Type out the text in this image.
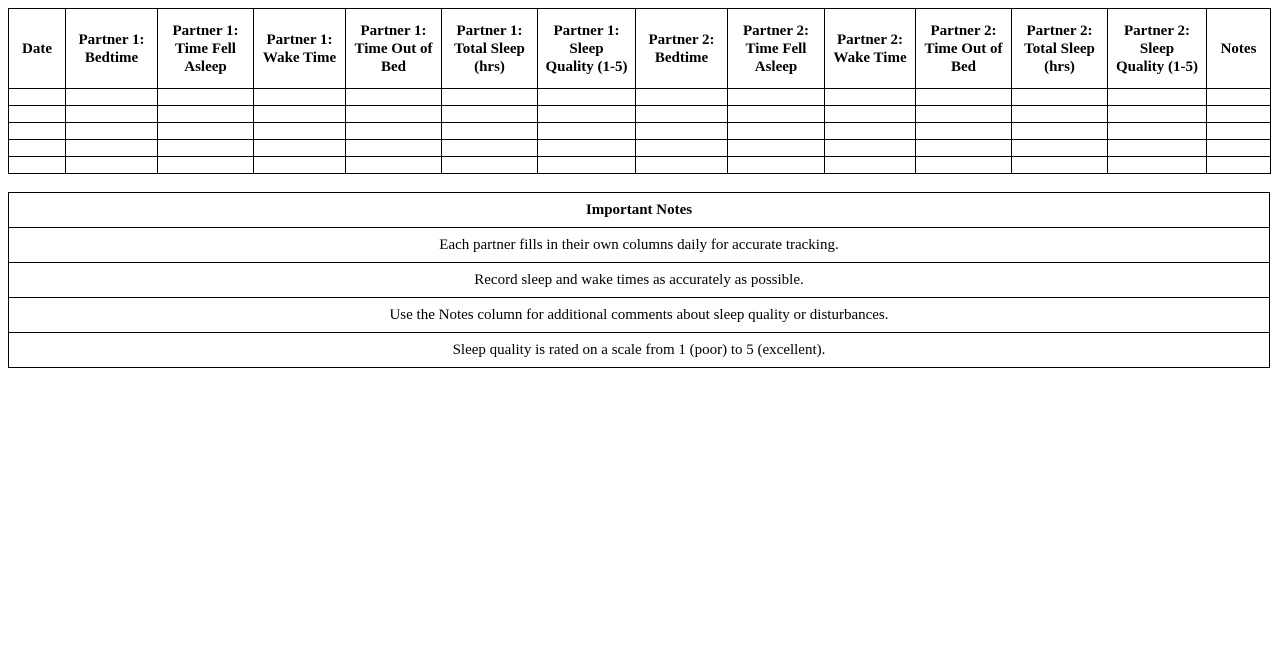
Date	Partner 1: Bedtime	Partner 1: Time Fell Asleep	Partner 1: Wake Time	Partner 1: Time Out of Bed	Partner 1: Total Sleep (hrs)	Partner 1: Sleep Quality (1-5)	Partner 2: Bedtime	Partner 2: Time Fell Asleep	Partner 2: Wake Time	Partner 2: Time Out of Bed	Partner 2: Total Sleep (hrs)	Partner 2: Sleep Quality (1-5)	Notes

Important Notes
Each partner fills in their own columns daily for accurate tracking.
Record sleep and wake times as accurately as possible.
Use the Notes column for additional comments about sleep quality or disturbances.
Sleep quality is rated on a scale from 1 (poor) to 5 (excellent).
